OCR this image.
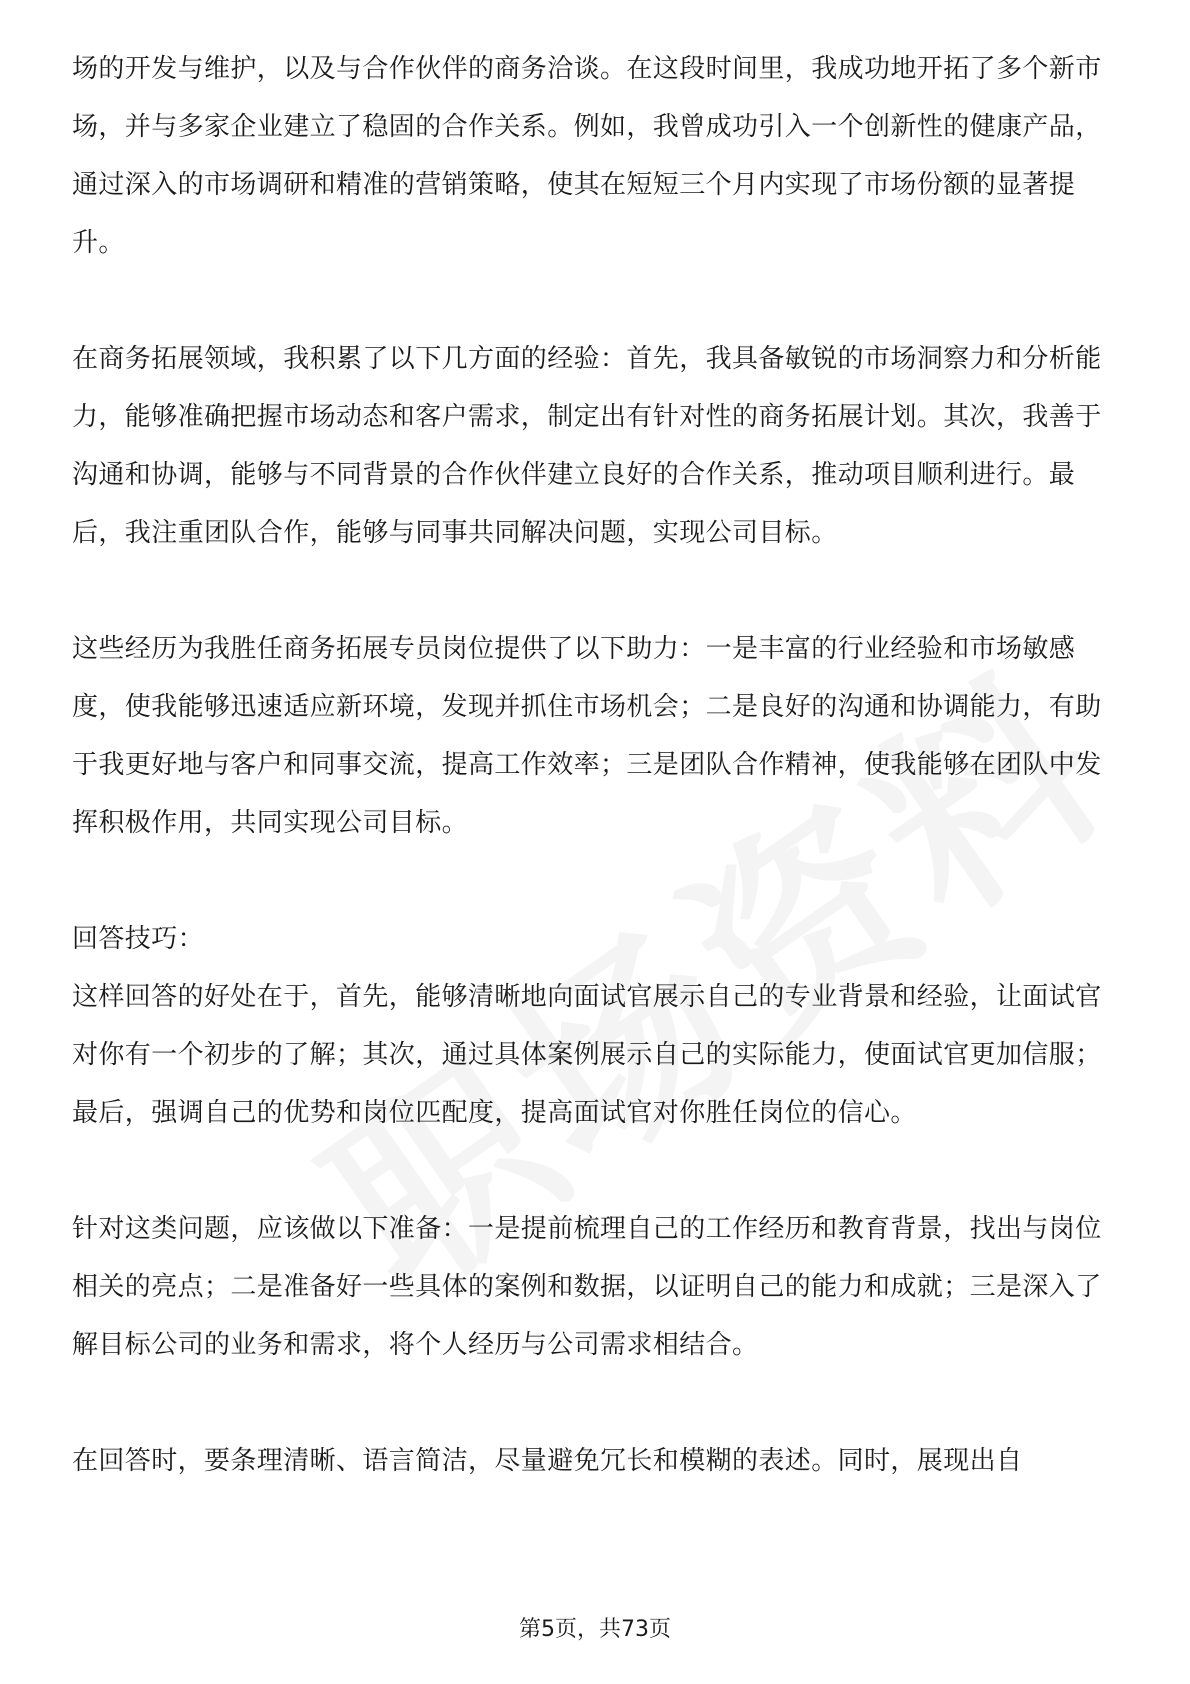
场的开发与维护，以及与合作伙伴的商务洽谈。在这段时间里，我成功地开拓了多个新市场，并与多家企业建立了稳固的合作关系。例如，我曾成功引入一个创新性的健康产品，通过深入的市场调研和精准的营销策略，使其在短短三个月内实现了市场份额的显著提升。

在商务拓展领域，我积累了以下几方面的经验：首先，我具备敏锐的市场洞察力和分析能力，能够准确把握市场动态和客户需求，制定出有针对性的商务拓展计划。其次，我善于沟通和协调，能够与不同背景的合作伙伴建立良好的合作关系，推动项目顺利进行。最后，我注重团队合作，能够与同事共同解决问题，实现公司目标。

这些经历为我胜任商务拓展专员岗位提供了以下助力：一是丰富的行业经验和市场敏感度，使我能够迅速适应新环境，发现并抓住市场机会；二是良好的沟通和协调能力，有助于我更好地与客户和同事交流，提高工作效率；三是团队合作精神，使我能够在团队中发挥积极作用，共同实现公司目标。

回答技巧：

这样回答的好处在于，首先，能够清晰地向面试官展示自己的专业背景和经验，让面试官对你有一个初步的了解；其次，通过具体案例展示自己的实际能力，使面试官更加信服；最后，强调自己的优势和岗位匹配度，提高面试官对你胜任岗位的信心。

针对这类问题，应该做以下准备：一是提前梳理自己的工作经历和教育背景，找出与岗位相关的亮点；二是准备好一些具体的案例和数据，以证明自己的能力和成就；三是深入了解目标公司的业务和需求，将个人经历与公司需求相结合。

在回答时，要条理清晰、语言简洁，尽量避免冗长和模糊的表述。同时，展现出自

第5页，共73页
